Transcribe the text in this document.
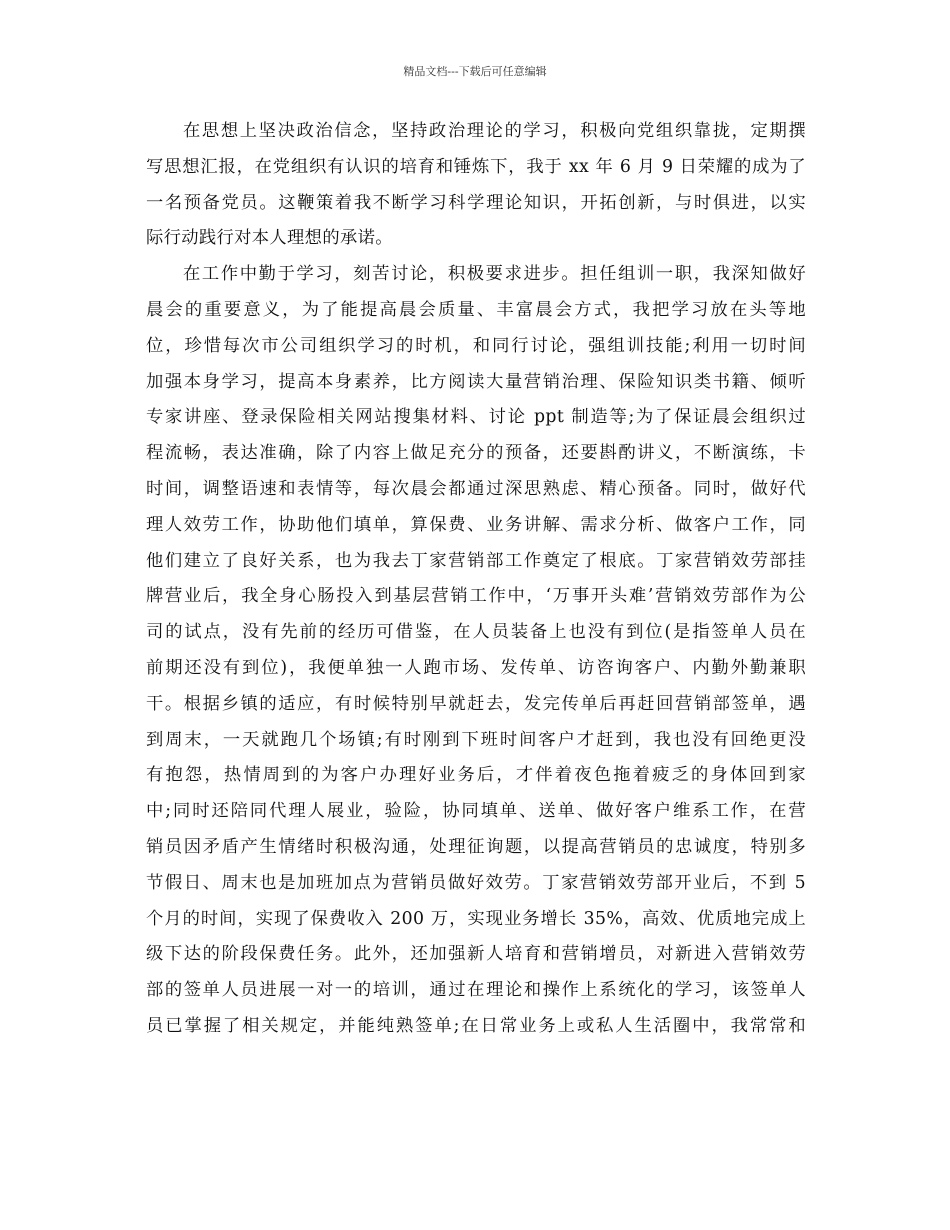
精品文档---下载后可任意编辑
在思想上坚决政治信念，坚持政治理论的学习，积极向党组织靠拢，定期撰
写思想汇报，在党组织有认识的培育和锤炼下，我于 xx 年 6 月 9 日荣耀的成为了
一名预备党员。这鞭策着我不断学习科学理论知识，开拓创新，与时俱进，以实
际行动践行对本人理想的承诺。
在工作中勤于学习，刻苦讨论，积极要求进步。担任组训一职，我深知做好
晨会的重要意义，为了能提高晨会质量、丰富晨会方式，我把学习放在头等地
位，珍惜每次市公司组织学习的时机，和同行讨论，强组训技能;利用一切时间
加强本身学习，提高本身素养，比方阅读大量营销治理、保险知识类书籍、倾听
专家讲座、登录保险相关网站搜集材料、讨论 ppt 制造等;为了保证晨会组织过
程流畅，表达准确，除了内容上做足充分的预备，还要斟酌讲义，不断演练，卡
时间，调整语速和表情等，每次晨会都通过深思熟虑、精心预备。同时，做好代
理人效劳工作，协助他们填单，算保费、业务讲解、需求分析、做客户工作，同
他们建立了良好关系，也为我去丁家营销部工作奠定了根底。丁家营销效劳部挂
牌营业后，我全身心肠投入到基层营销工作中，‘万事开头难’营销效劳部作为公
司的试点，没有先前的经历可借鉴，在人员装备上也没有到位(是指签单人员在
前期还没有到位)，我便单独一人跑市场、发传单、访咨询客户、内勤外勤兼职
干。根据乡镇的适应，有时候特别早就赶去，发完传单后再赶回营销部签单，遇
到周末，一天就跑几个场镇;有时刚到下班时间客户才赶到，我也没有回绝更没
有抱怨，热情周到的为客户办理好业务后，才伴着夜色拖着疲乏的身体回到家
中;同时还陪同代理人展业，验险，协同填单、送单、做好客户维系工作，在营
销员因矛盾产生情绪时积极沟通，处理征询题，以提高营销员的忠诚度，特别多
节假日、周末也是加班加点为营销员做好效劳。丁家营销效劳部开业后，不到 5
个月的时间，实现了保费收入 200 万，实现业务增长 35%，高效、优质地完成上
级下达的阶段保费任务。此外，还加强新人培育和营销增员，对新进入营销效劳
部的签单人员进展一对一的培训，通过在理论和操作上系统化的学习，该签单人
员已掌握了相关规定，并能纯熟签单;在日常业务上或私人生活圈中，我常常和
